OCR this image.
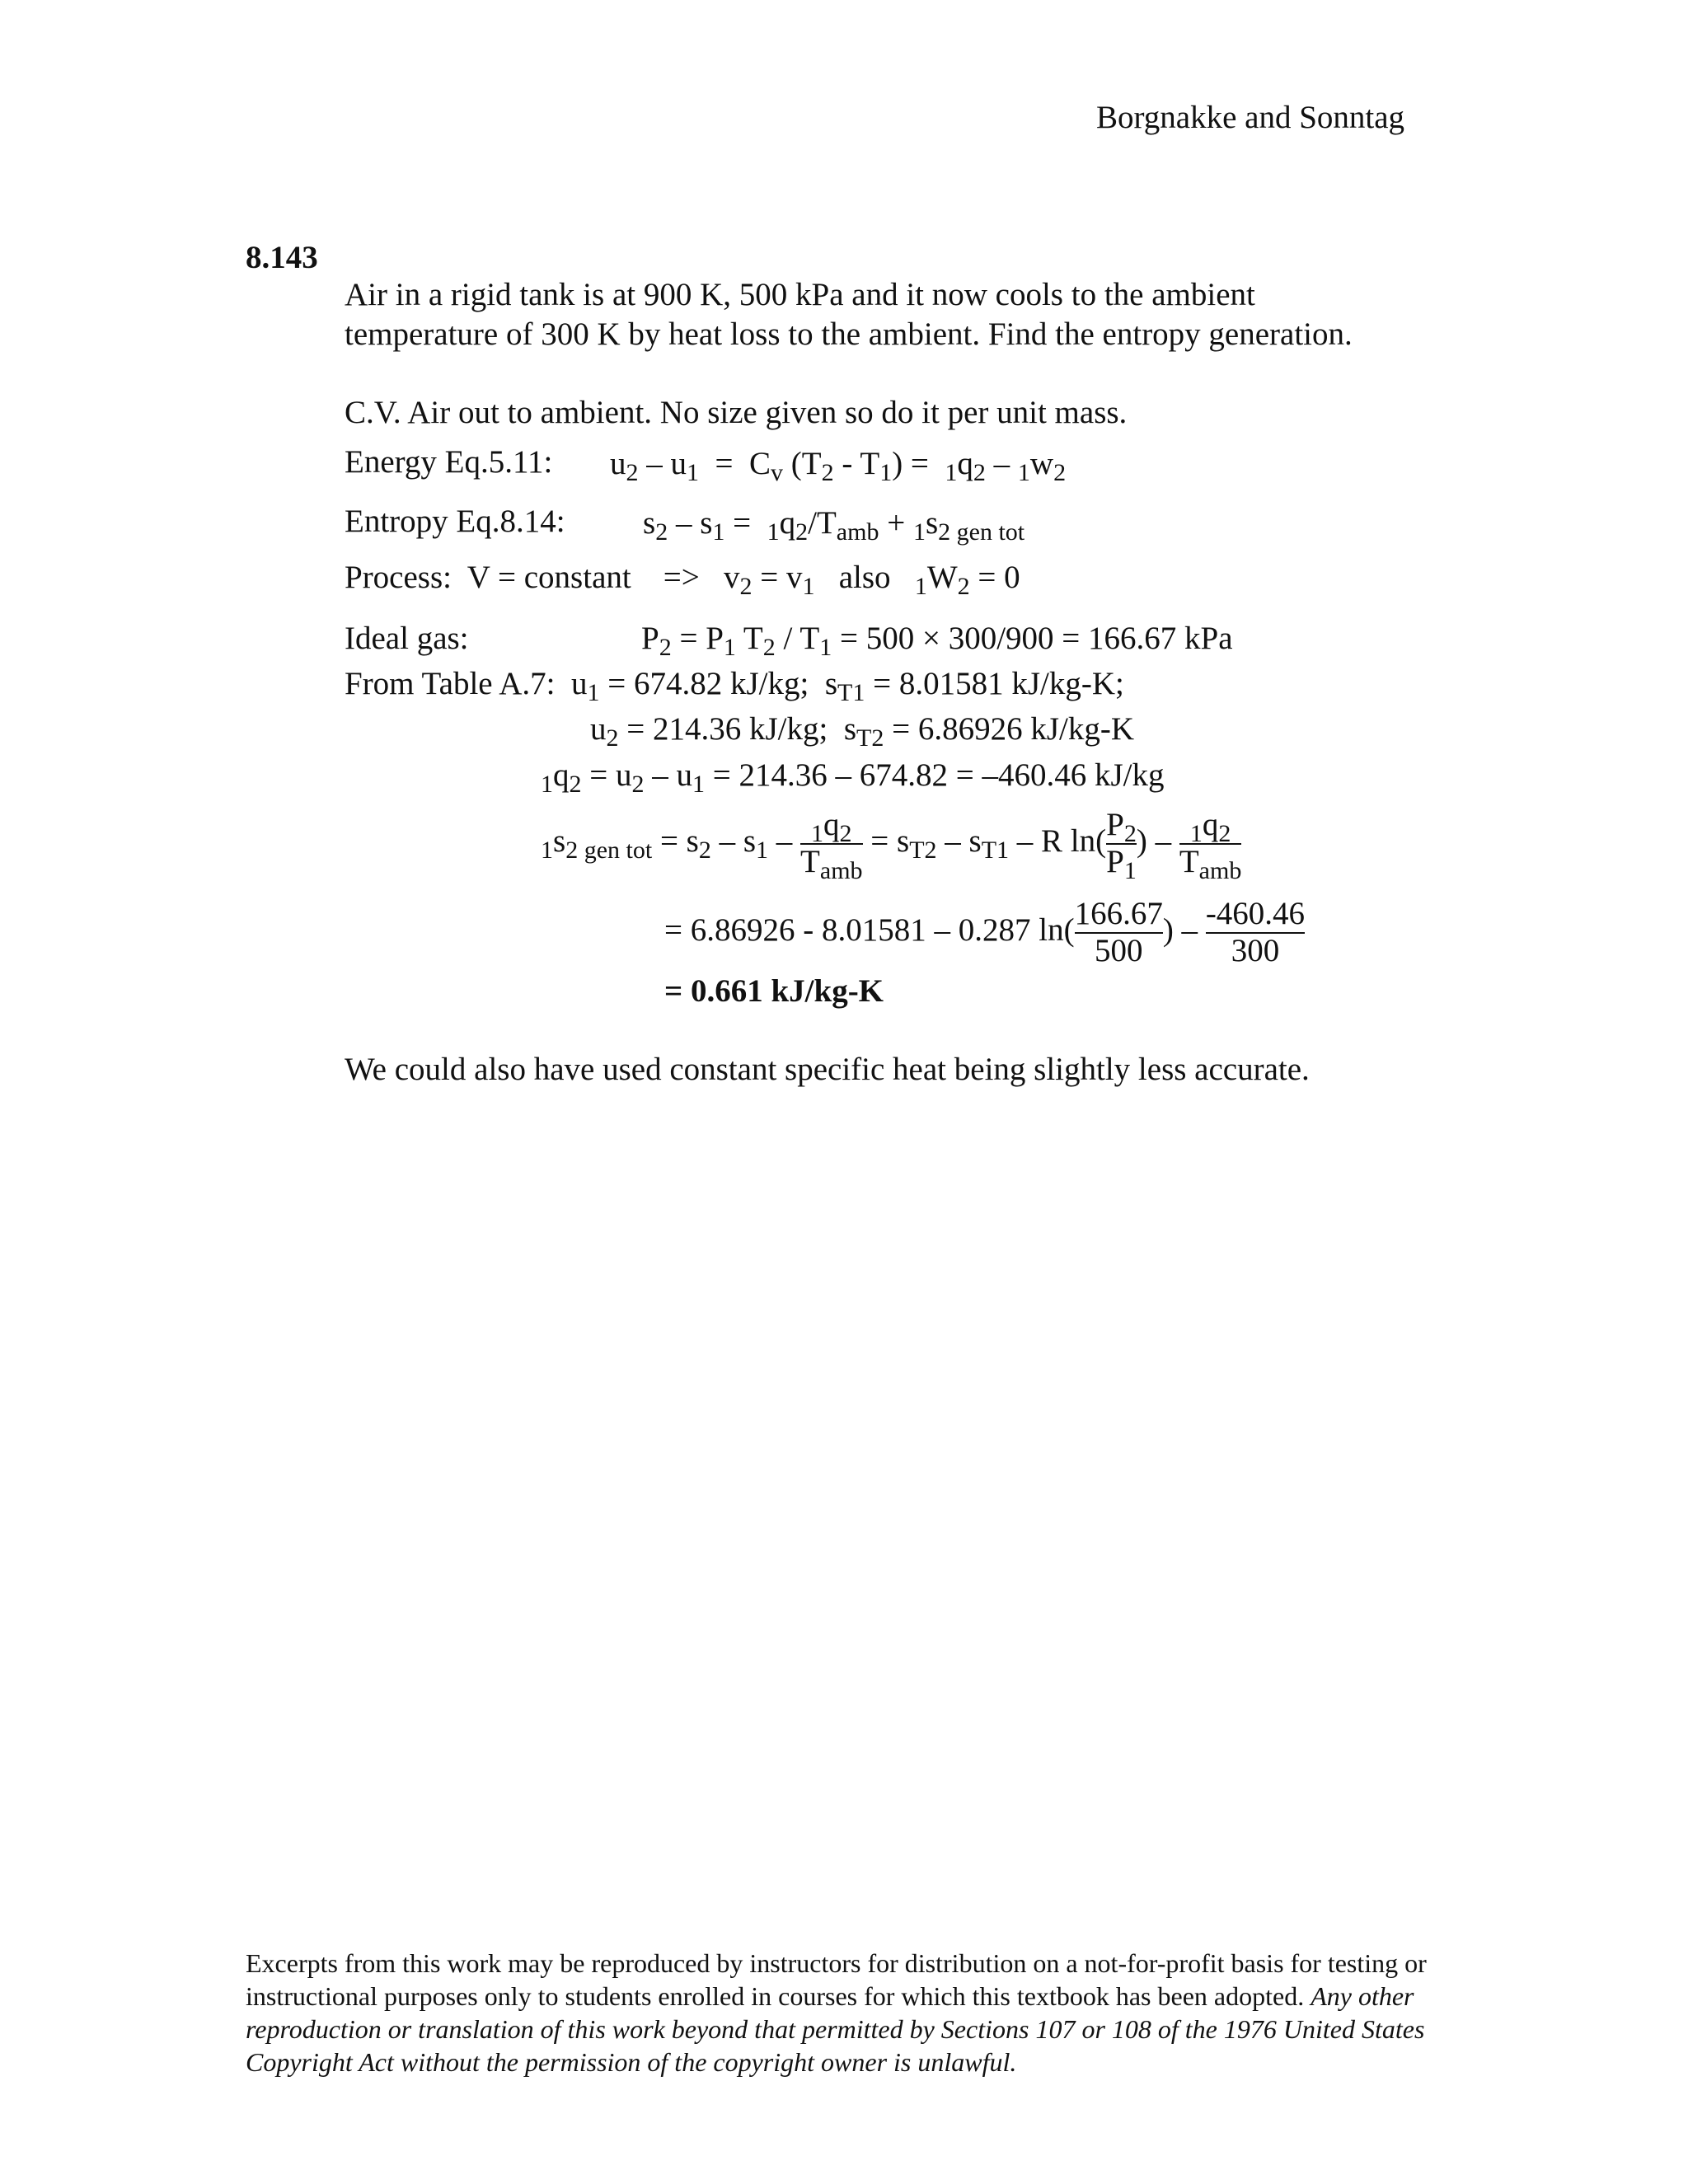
Borgnakke and Sonntag
8.143
Air in a rigid tank is at 900 K, 500 kPa and it now cools to the ambient
temperature of 300 K by heat loss to the ambient. Find the entropy generation.
C.V. Air out to ambient. No size given so do it per unit mass.
Energy Eq.5.11: $u_2 - u_1 = C_v$ $(T_2 - T_1) = _1q_2 - _1w_2$
Entropy Eq.8.14: $s_2 - s_1 = _1q_2/T_{amb} + _1s_{2 gen tot}$
Process: V = constant =>   $v_2 = v_1$ also $_1W_2 = 0$
Ideal gas:	$P_2 = P_1$ $T_2 / T_1 = 500 \times 300/900 = 166.67$ kPa
From Table A.7:  $u_1 = 674.82$ kJ/kg;  $s_{T1} = 8.01581$ kJ/kg-K;
$u_2 = 214.36$ kJ/kg;  $s_{T2} = 6.86926$ kJ/kg-K
$_1q_2 = u_2 - u_1 = 214.36 - 674.82 = -460.46$ kJ/kg
$_1s_{2 gen tot} = s_2 - s_1 - \frac{_1q_2}{T_{amb}} = s_{T2} - s_{T1} - R$ $\ln( \frac{P_2}{P_1}$ ) – $\frac{_1q_2}{T_{amb}}$
= 6.86926 - 8.01581 – 0.287 $\ln( \frac{166.67}{500}$ ) – $\frac{-460.46}{300}$
= 0.661 kJ/kg-K
We could also have used constant specific heat being slightly less accurate.
Excerpts from this work may be reproduced by instructors for distribution on a not-for-profit basis for testing or instructional purposes only to students enrolled in courses for which this textbook has been adopted. Any other reproduction or translation of this work beyond that permitted by Sections 107 or 108 of the 1976 United States Copyright Act without the permission of the copyright owner is unlawful.
